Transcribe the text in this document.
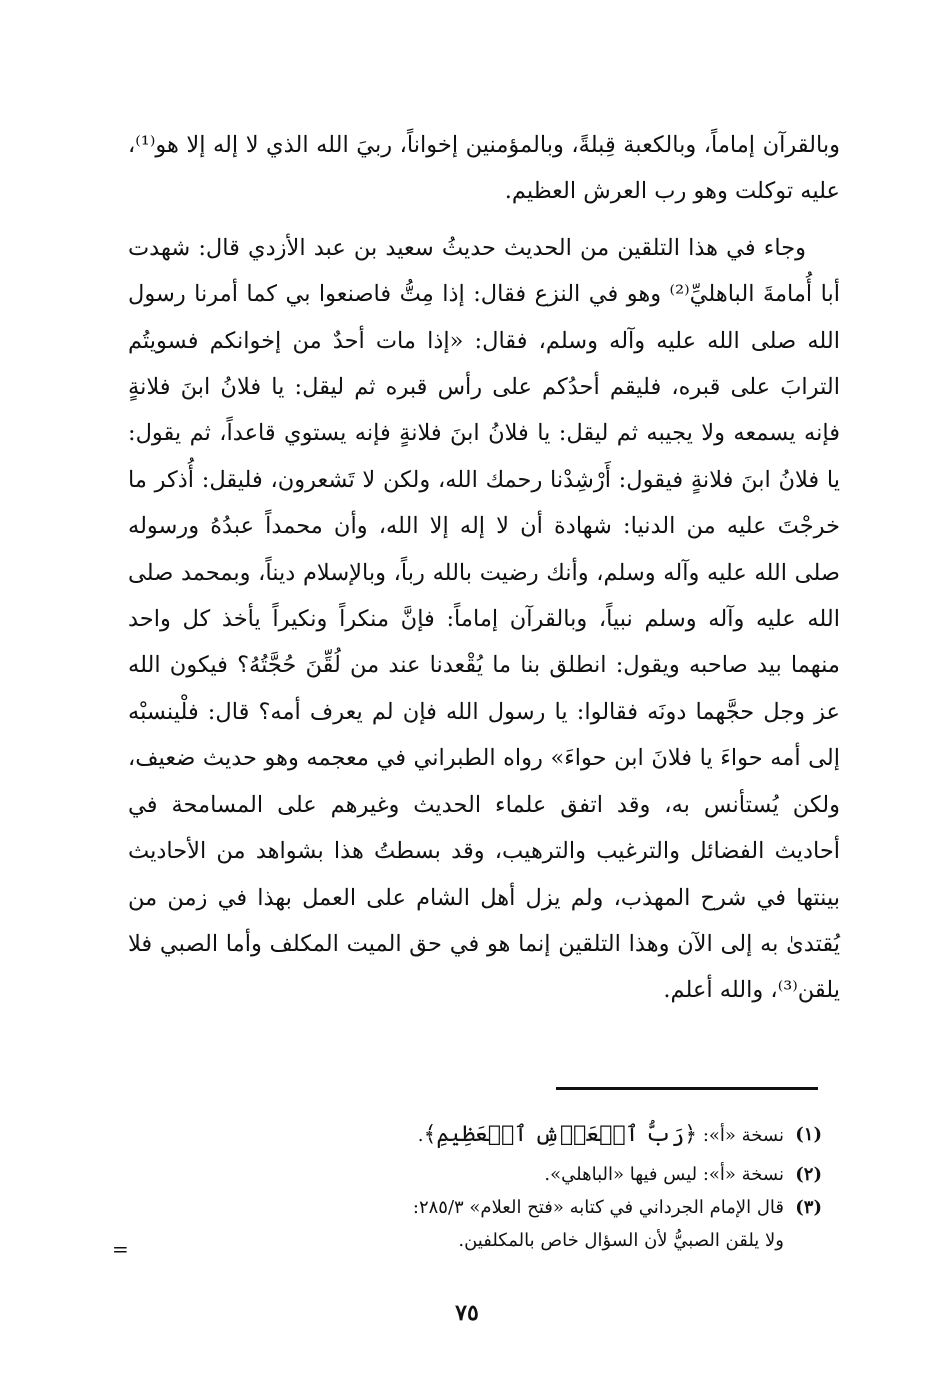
وبالقرآن إماماً، وبالكعبة قِبلةً، وبالمؤمنين إخواناً، ربيَ الله الذي لا إله إلا هو⁽¹⁾، عليه توكلت وهو رب العرش العظيم.

وجاء في هذا التلقين من الحديث حديثُ سعيد بن عبد الأزدي قال: شهدت أبا أُمامةَ الباهليِّ⁽²⁾ وهو في النزع فقال: إذا مِتُّ فاصنعوا بي كما أمرنا رسول الله صلى الله عليه وآله وسلم، فقال: «إذا مات أحدٌ من إخوانكم فسويتُم الترابَ على قبره، فليقم أحدُكم على رأس قبره ثم ليقل: يا فلانُ ابنَ فلانةٍ فإنه يسمعه ولا يجيبه ثم ليقل: يا فلانُ ابنَ فلانةٍ فإنه يستوي قاعداً، ثم يقول: يا فلانُ ابنَ فلانةٍ فيقول: أَرْشِدْنا رحمك الله، ولكن لا تَشعرون، فليقل: أُذكر ما خرجْتَ عليه من الدنيا: شهادة أن لا إله إلا الله، وأن محمداً عبدُهُ ورسوله صلى الله عليه وآله وسلم، وأنك رضيت بالله رباً، وبالإسلام ديناً، وبمحمد صلى الله عليه وآله وسلم نبياً، وبالقرآن إماماً: فإنَّ منكراً ونكيراً يأخذ كل واحد منهما بيد صاحبه ويقول: انطلق بنا ما يُقْعدنا عند من لُقِّنَ حُجَّتُهُ؟ فيكون الله عز وجل حجَّهما دونَه فقالوا: يا رسول الله فإن لم يعرف أمه؟ قال: فلْينسبْه إلى أمه حواءَ يا فلانَ ابن حواءَ» رواه الطبراني في معجمه وهو حديث ضعيف، ولكن يُستأنس به، وقد اتفق علماء الحديث وغيرهم على المسامحة في أحاديث الفضائل والترغيب والترهيب، وقد بسطتُ هذا بشواهد من الأحاديث بينتها في شرح المهذب، ولم يزل أهل الشام على العمل بهذا في زمن من يُقتدىٰ به إلى الآن وهذا التلقين إنما هو في حق الميت المكلف وأما الصبي فلا يلقن⁽³⁾، والله أعلم.

(١)
نسخة «أ»: ﴿رَبُّ ٱلۡعَرۡشِ ٱلۡعَظِيمِ﴾.
(٢)
نسخة «أ»: ليس فيها «الباهلي».
(٣)
قال الإمام الجرداني في كتابه «فتح العلام» ٢٨٥/٣:
ولا يلقن الصبيُّ لأن السؤال خاص بالمكلفين.
=
٧٥
